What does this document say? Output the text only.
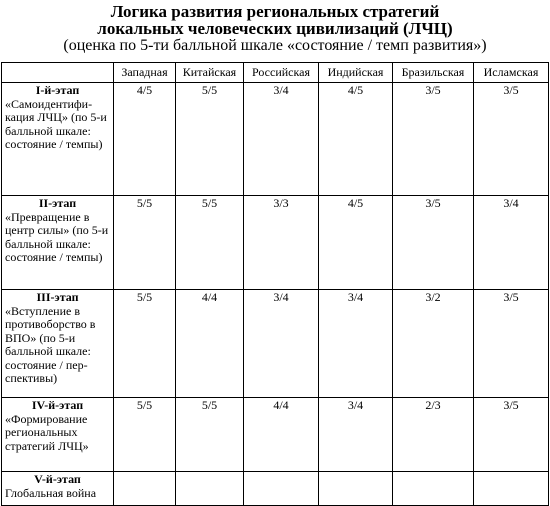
Логика развития региональных стратегий
локальных человеческих цивилизаций (ЛЧЦ)
(оценка по 5-ти балльной шкале «состояние / темп развития»)
	Западная	Китайская	Российская	Индийская	Бразильская	Исламская

I-й-этап
«Самоидентифи-кация ЛЧЦ» (по 5-и балльной шкале: состояние / темпы)	4/5	5/5	3/4	4/5	3/5	3/5

II-этап
«Превращение в центр силы» (по 5-и балльной шкале: состояние / темпы)	5/5	5/5	3/3	4/5	3/5	3/4

III-этап
«Вступление в противоборство в ВПО» (по 5-и балльной шкале: состояние / пер-спективы)	5/5	4/4	3/4	3/4	3/2	3/5

IV-й-этап
«Формирование региональных стратегий ЛЧЦ»	5/5	5/5	4/4	3/4	2/3	3/5

V-й-этап
Глобальная война						
